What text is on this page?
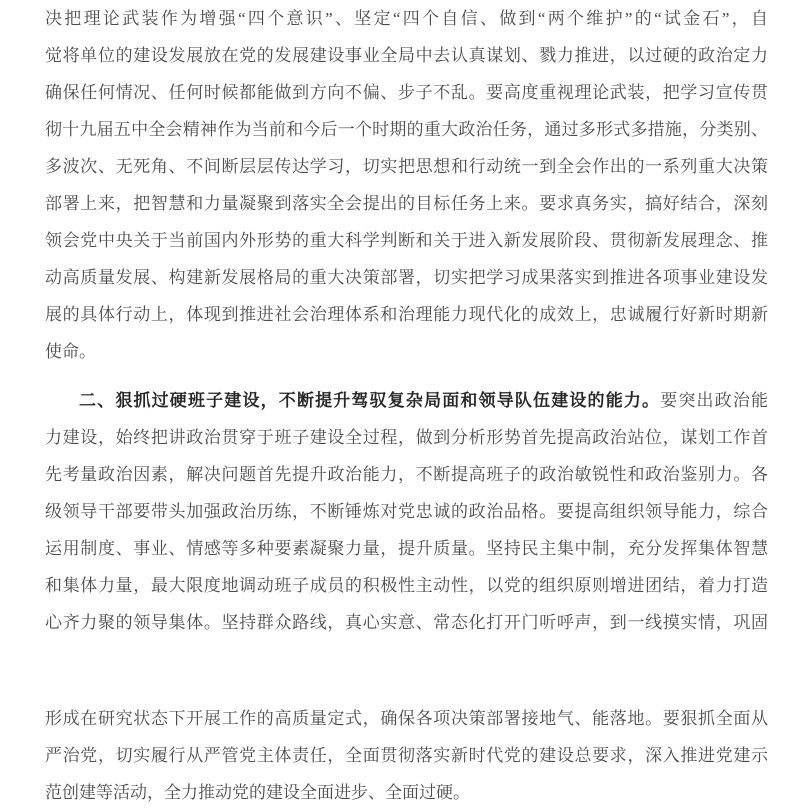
决把理论武装作为增强“四个意识”、坚定“四个自信、做到“两个维护”的“试金石”，自
觉将单位的建设发展放在党的发展建设事业全局中去认真谋划、戮力推进，以过硬的政治定力
确保任何情况、任何时候都能做到方向不偏、步子不乱。要高度重视理论武装，把学习宣传贯
彻十九届五中全会精神作为当前和今后一个时期的重大政治任务，通过多形式多措施，分类别、
多波次、无死角、不间断层层传达学习，切实把思想和行动统一到全会作出的一系列重大决策
部署上来，把智慧和力量凝聚到落实全会提出的目标任务上来。要求真务实，搞好结合，深刻
领会党中央关于当前国内外形势的重大科学判断和关于进入新发展阶段、贯彻新发展理念、推
动高质量发展、构建新发展格局的重大决策部署，切实把学习成果落实到推进各项事业建设发
展的具体行动上，体现到推进社会治理体系和治理能力现代化的成效上，忠诚履行好新时期新
使命。
二、狠抓过硬班子建设，不断提升驾驭复杂局面和领导队伍建设的能力。要突出政治能
力建设，始终把讲政治贯穿于班子建设全过程，做到分析形势首先提高政治站位，谋划工作首
先考量政治因素，解决问题首先提升政治能力，不断提高班子的政治敏锐性和政治鉴别力。各
级领导干部要带头加强政治历练，不断锤炼对党忠诚的政治品格。要提高组织领导能力，综合
运用制度、事业、情感等多种要素凝聚力量，提升质量。坚持民主集中制，充分发挥集体智慧
和集体力量，最大限度地调动班子成员的积极性主动性，以党的组织原则增进团结，着力打造
心齐力聚的领导集体。坚持群众路线，真心实意、常态化打开门听呼声，到一线摸实情，巩固
形成在研究状态下开展工作的高质量定式，确保各项决策部署接地气、能落地。要狠抓全面从
严治党，切实履行从严管党主体责任，全面贯彻落实新时代党的建设总要求，深入推进党建示
范创建等活动，全力推动党的建设全面进步、全面过硬。
